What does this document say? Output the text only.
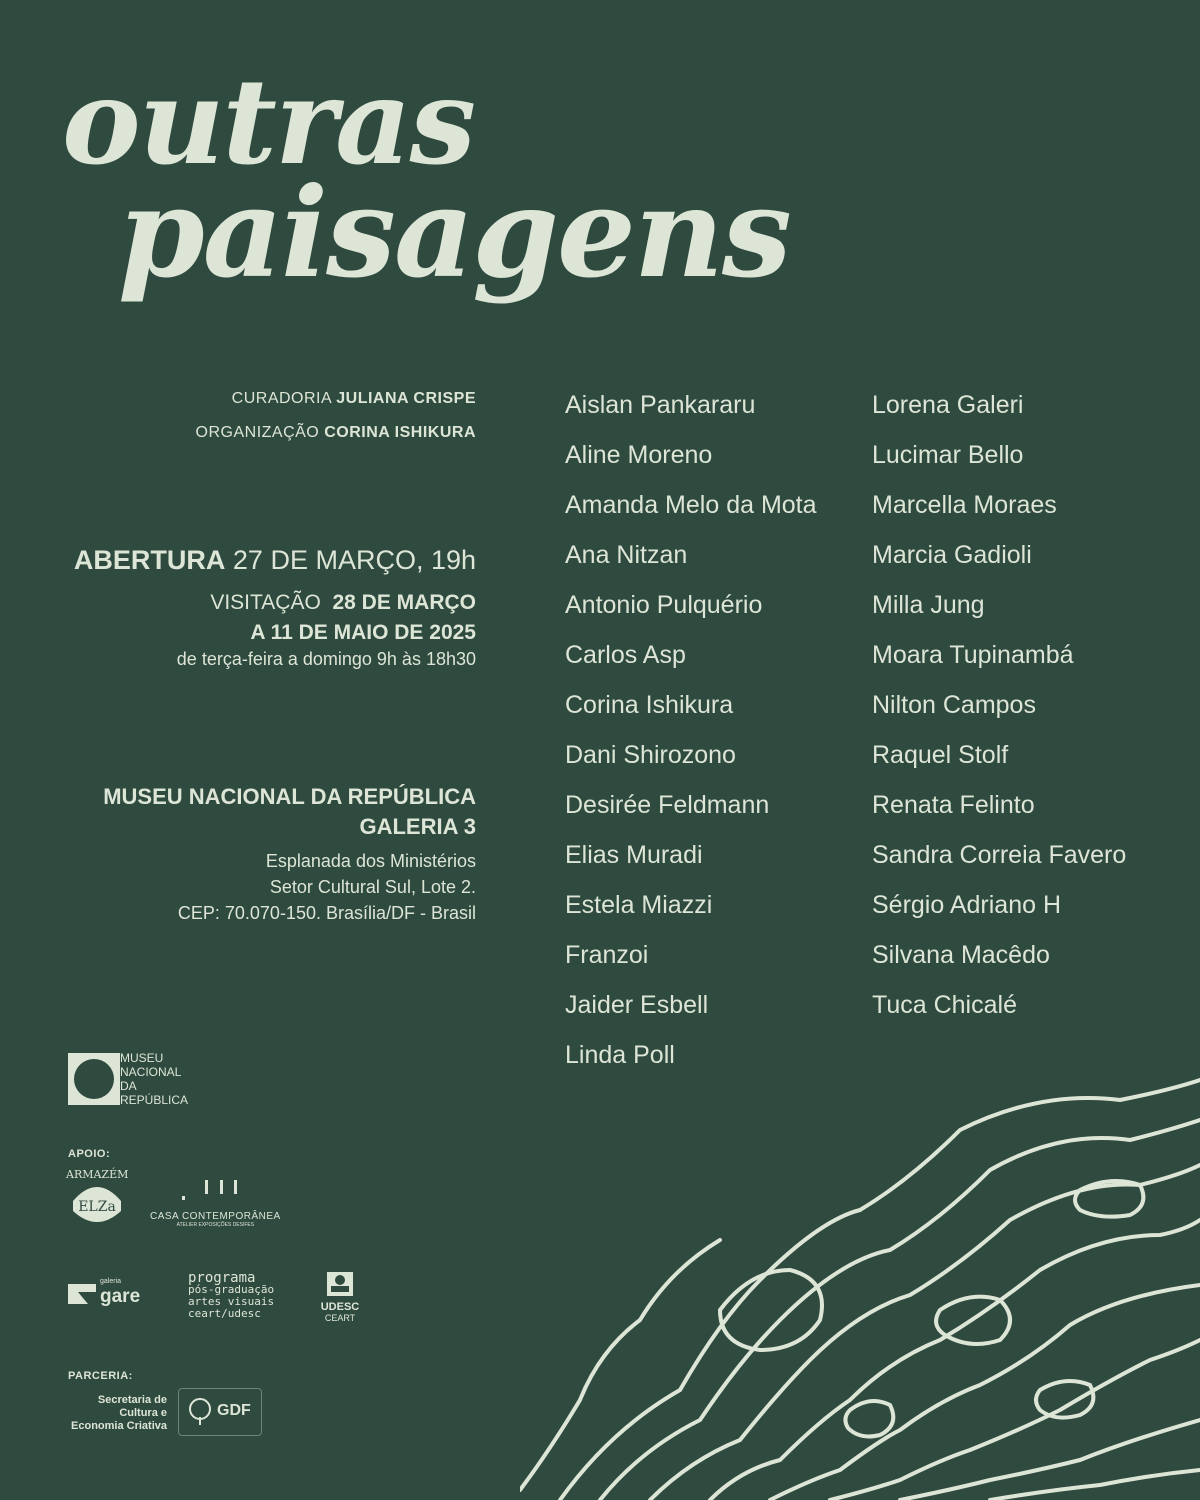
outras
paisagens
CURADORIA JULIANA CRISPE
ORGANIZAÇÃO CORINA ISHIKURA
ABERTURA 27 DE MARÇO, 19h
VISITAÇÃO 28 DE MARÇO
A 11 DE MAIO DE 2025
de terça-feira a domingo 9h às 18h30
MUSEU NACIONAL DA REPÚBLICA
GALERIA 3
Esplanada dos Ministérios
Setor Cultural Sul, Lote 2.
CEP: 70.070-150. Brasília/DF - Brasil
Aislan Pankararu
Aline Moreno
Amanda Melo da Mota
Ana Nitzan
Antonio Pulquério
Carlos Asp
Corina Ishikura
Dani Shirozono
Desirée Feldmann
Elias Muradi
Estela Miazzi
Franzoi
Jaider Esbell
Linda Poll
Lorena Galeri
Lucimar Bello
Marcella Moraes
Marcia Gadioli
Milla Jung
Moara Tupinambá
Nilton Campos
Raquel Stolf
Renata Felinto
Sandra Correia Favero
Sérgio Adriano H
Silvana Macêdo
Tuca Chicalé
MUSEU
NACIONAL
DA
REPÚBLICA
APOIO:
ARMAZÉM
ELZa
CASA CONTEMPORÂNEA
ATELIER EXPOSIÇÕES DESIFES
galeria
gare
programa
pós-graduação
artes visuais
ceart/udesc	UDESC
CEART
PARCERIA:
Secretaria de
Cultura e
Economia Criativa
GDF
